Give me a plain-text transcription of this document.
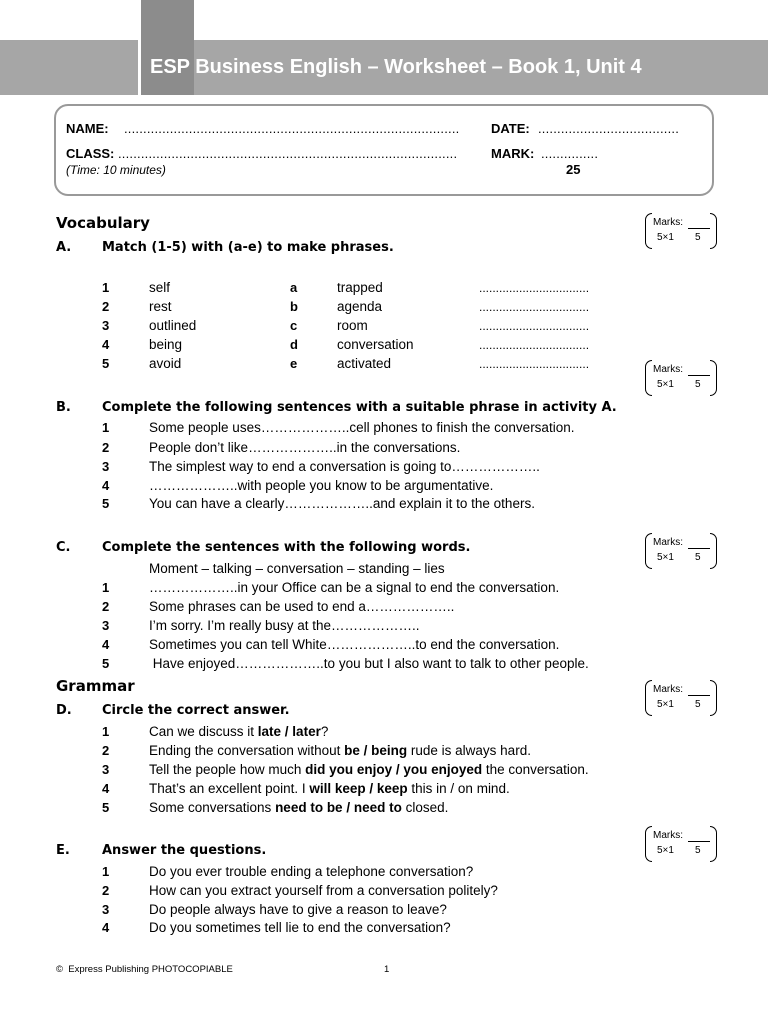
ESP Business English – Worksheet – Book 1, Unit 4
NAME: ........................................................................................ DATE: .....................................
CLASS: .........................................................................................	MARK: ...............
(Time: 10 minutes)	25
Vocabulary	Marks:
5×1 5
Marks:
5×1 5
Marks:
5×1 5
Marks:
5×1 5
Marks:
5×1 5
A. Match (1-5) with (a-e) to make phrases.
1	self	a	trapped	.................................
2	rest	b	agenda	.................................
3	outlined	c	room	.................................
4	being	d	conversation	.................................
5	avoid	e	activated	.................................
B. Complete the following sentences with a suitable phrase in activity A.
1	Some people uses………………..cell phones to finish the conversation.
2	People don’t like………………..in the conversations.
3	The simplest way to end a conversation is going to………………..
4	………………..with people you know to be argumentative.
5	You can have a clearly………………..and explain it to the others.
C. Complete the sentences with the following words.
Moment – talking – conversation – standing – lies
1	………………..in your Office can be a signal to end the conversation.
2	Some phrases can be used to end a………………..
3	I’m sorry. I’m really busy at the………………..
4	Sometimes you can tell White………………..to end the conversation.
5	Have enjoyed………………..to you but I also want to talk to other people.
Grammar
D. Circle the correct answer.
1	Can we discuss it late / later?
2	Ending the conversation without be / being rude is always hard.
3	Tell the people how much did you enjoy / you enjoyed the conversation.
4	That’s an excellent point. I will keep / keep this in / on mind.
5	Some conversations need to be / need to closed.
E. Answer the questions.
1	Do you ever trouble ending a telephone conversation?
2	How can you extract yourself from a conversation politely?
3	Do people always have to give a reason to leave?
4	Do you sometimes tell lie to end the conversation?
©  Express Publishing PHOTOCOPIABLE	1
